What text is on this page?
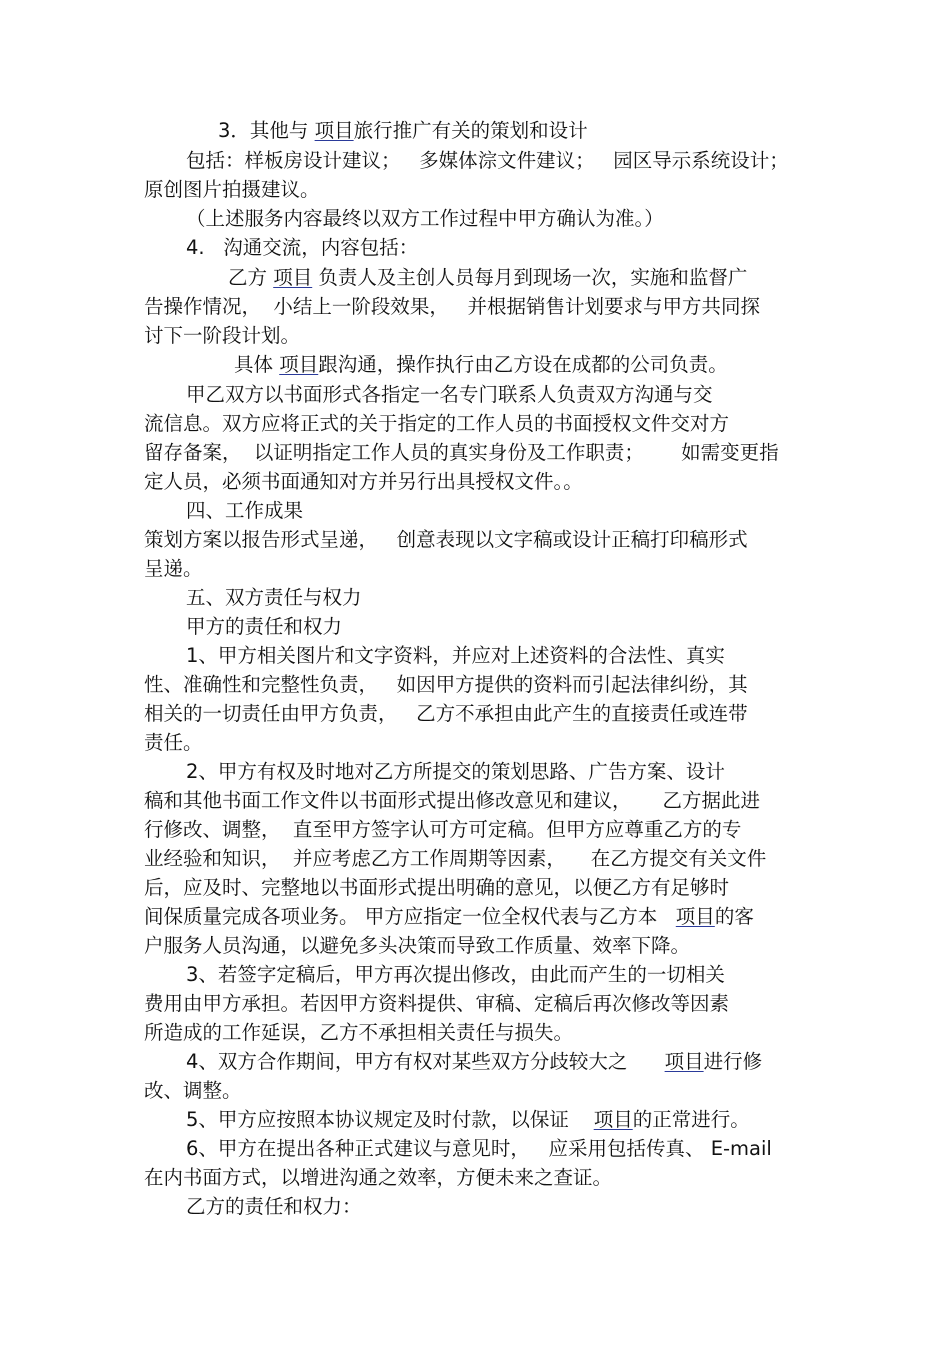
3．其他与 项目旅行推广有关的策划和设计
包括：样板房设计建议；   多媒体淙文件建议；   园区导示系统设计；
原创图片拍摄建议。
（上述服务内容最终以双方工作过程中甲方确认为准。）
4.   沟通交流，内容包括：
乙方 项目 负责人及主创人员每月到现场一次，实施和监督广
告操作情况，  小结上一阶段效果，   并根据销售计划要求与甲方共同探
讨下一阶段计划。
具体 项目跟沟通，操作执行由乙方设在成都的公司负责。
甲乙双方以书面形式各指定一名专门联系人负责双方沟通与交
流信息。双方应将正式的关于指定的工作人员的书面授权文件交对方
留存备案，  以证明指定工作人员的真实身份及工作职责；      如需变更指
定人员，必须书面通知对方并另行出具授权文件。。
四、工作成果
策划方案以报告形式呈递，   创意表现以文字稿或设计正稿打印稿形式
呈递。
五、双方责任与权力
甲方的责任和权力
1、甲方相关图片和文字资料，并应对上述资料的合法性、真实
性、准确性和完整性负责，   如因甲方提供的资料而引起法律纠纷，其
相关的一切责任由甲方负责，   乙方不承担由此产生的直接责任或连带
责任。
2、甲方有权及时地对乙方所提交的策划思路、广告方案、设计
稿和其他书面工作文件以书面形式提出修改意见和建议，     乙方据此进
行修改、调整，  直至甲方签字认可方可定稿。但甲方应尊重乙方的专
业经验和知识，  并应考虑乙方工作周期等因素，    在乙方提交有关文件
后，应及时、完整地以书面形式提出明确的意见，以便乙方有足够时
间保质量完成各项业务。 甲方应指定一位全权代表与乙方本   项目的客
户服务人员沟通，以避免多头决策而导致工作质量、效率下降。
3、若签字定稿后，甲方再次提出修改，由此而产生的一切相关
费用由甲方承担。若因甲方资料提供、审稿、定稿后再次修改等因素
所造成的工作延误，乙方不承担相关责任与损失。
4、双方合作期间，甲方有权对某些双方分歧较大之      项目进行修
改、调整。
5、甲方应按照本协议规定及时付款，以保证    项目的正常进行。
6、甲方在提出各种正式建议与意见时，   应采用包括传真、 E-mail
在内书面方式，以增进沟通之效率，方便未来之查证。
乙方的责任和权力：
